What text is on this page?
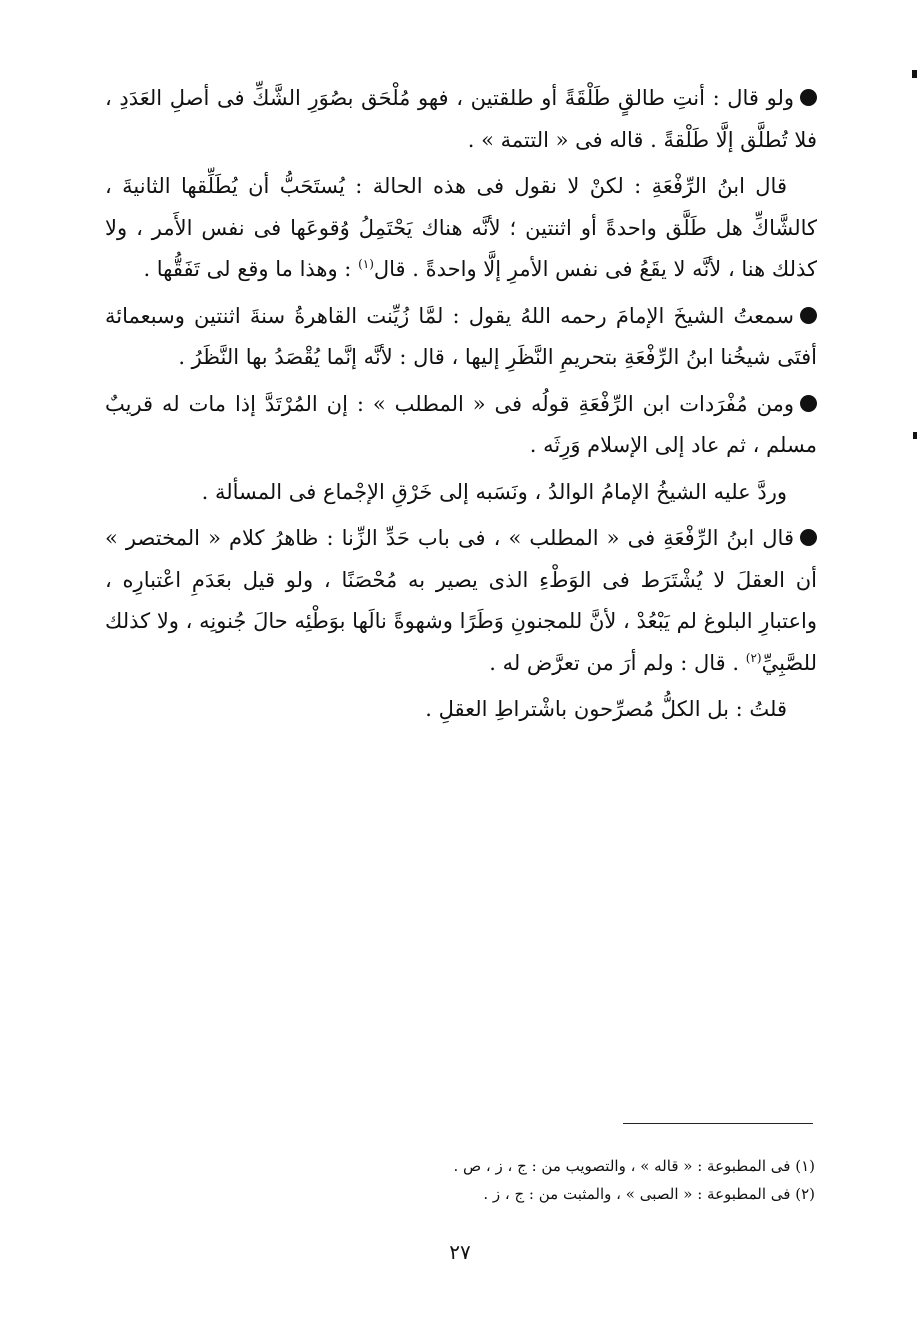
ولو قال : أنتِ طالقٍ طَلْقَةً أو طلقتين ، فهو مُلْحَق بصُوَرِ الشَّكِّ فى أصلِ العَدَدِ ، فلا تُطلَّق إلَّا طَلْقةً . قاله فى « التتمة » .

قال ابنُ الرِّفْعَةِ : لكنْ لا نقول فى هذه الحالة : يُستَحَبُّ أن يُطَلِّقها الثانيةَ ، كالشَّاكِّ هل طَلَّق واحدةً أو اثنتين ؛ لأنَّه هناك يَحْتَمِلُ وُقوعَها فى نفس الأَمر ، ولا كذلك هنا ، لأنَّه لا يقَعُ فى نفس الأمرِ إلَّا واحدةً . قال$^{(١)}$ : وهذا ما وقع لى تَفَقُّها .

سمعتُ الشيخَ الإمامَ رحمه اللهُ يقول : لمَّا زُيِّنت القاهرةُ سنةَ اثنتين وسبعمائة أفتَى شيخُنا ابنُ الرِّفْعَةِ بتحريمِ النَّظَرِ إليها ، قال : لأنَّه إنَّما يُقْصَدُ بها النَّظَرُ .

ومن مُفْرَدات ابن الرِّفْعَةِ قولُه فى « المطلب » : إن المُرْتَدَّ إذا مات له قريبٌ مسلم ، ثم عاد إلى الإسلام وَرِثَه .

وردَّ عليه الشيخُ الإمامُ الوالدُ ، ونَسَبه إلى خَرْقِ الإجْماع فى المسألة .

قال ابنُ الرِّفْعَةِ فى « المطلب » ، فى باب حَدِّ الزِّنا : ظاهرُ كلام « المختصر » أن العقلَ لا يُشْتَرَط فى الوَطْءِ الذى يصير به مُحْصَنًا ، ولو قيل بعَدَمِ اعْتبارِه ، واعتبارِ البلوغ لم يَبْعُدْ ، لأنَّ للمجنونِ وَطَرًا وشهوةً نالَها بوَطْئِه حالَ جُنونِه ، ولا كذلك للصَّبِيِّ$^{(٢)}$ . قال : ولم أرَ من تعرَّض له .

قلتُ : بل الكلُّ مُصرِّحون باشْتراطِ العقلِ .

(١) فى المطبوعة : « قاله » ، والتصويب من : ج ، ز ، ص .

(٢) فى المطبوعة : « الصبى » ، والمثبت من : ج ، ز .

٢٧
